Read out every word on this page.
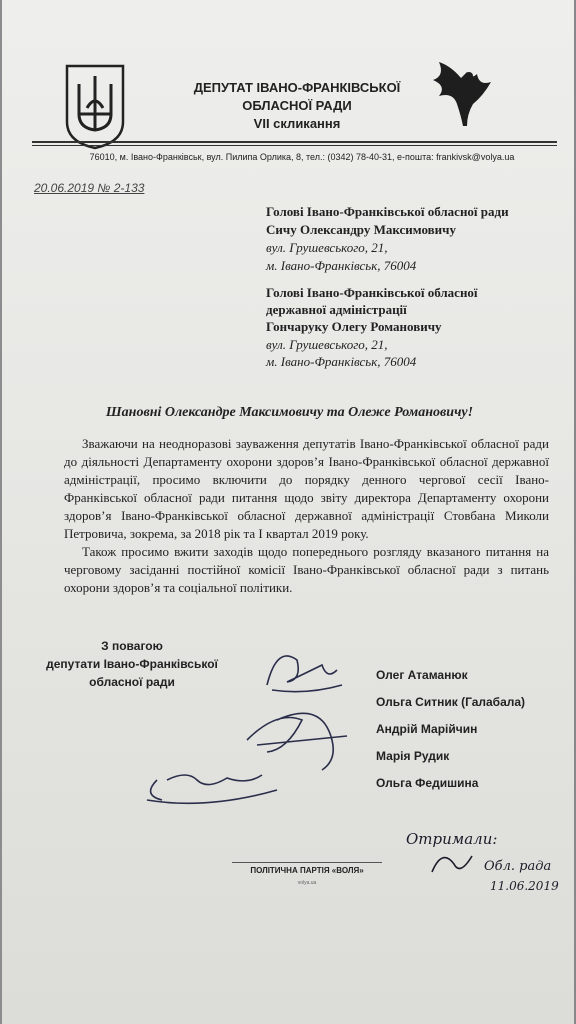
ДЕПУТАТ ІВАНО-ФРАНКІВСЬКОЇ
ОБЛАСНОЇ РАДИ
VII скликання
76010, м. Івано-Франківськ, вул. Пилипа Орлика, 8, тел.: (0342) 78-40-31, e-пошта: frankivsk@volya.ua
20.06.2019 № 2-133
Голові Івано-Франківської обласної ради
Сичу Олександру Максимовичу
вул. Грушевського, 21,
м. Івано-Франківськ, 76004
Голові Івано-Франківської обласної
державної адміністрації
Гончаруку Олегу Романовичу
вул. Грушевського, 21,
м. Івано-Франківськ, 76004
Шановні Олександре Максимовичу та Олеже Романовичу!
Зважаючи на неодноразові зауваження депутатів Івано-Франківської обласної ради до діяльності Департаменту охорони здоров’я Івано-Франківської обласної державної адміністрації, просимо включити до порядку денного чергової сесії Івано-Франківської обласної ради питання щодо звіту директора Департаменту охорони здоров’я Івано-Франківської обласної державної адміністрації Стовбана Миколи Петровича, зокрема, за 2018 рік та І квартал 2019 року.
Також просимо вжити заходів щодо попереднього розгляду вказаного питання на черговому засіданні постійної комісії Івано-Франківської обласної ради з питань охорони здоров’я та соціальної політики.
З повагою
депутати Івано-Франківської
обласної ради	Олег Атаманюк
Ольга Ситник (Галабала)
Андрій Марійчин
Марія Рудик
Ольга Федишина
ПОЛІТИЧНА ПАРТІЯ «ВОЛЯ»
volya.ua
Отримали:
Обл. рада
11.06.2019
